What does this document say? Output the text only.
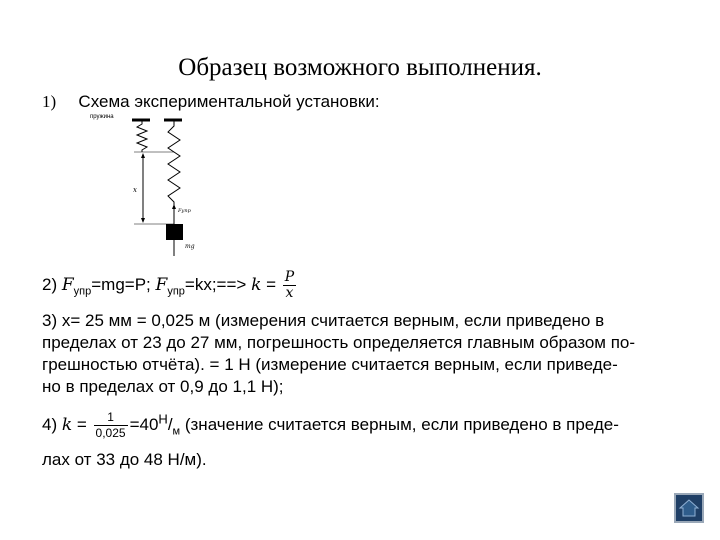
Образец возможного выполнения.
1) Схема экспериментальной установки:
пружина
x
Fупр
mg
2) $F_{упр}=mg=P$; $F_{упр}=kx;==> k = \frac{P}{x}$
3) x= 25 мм = 0,025 м (измерения считается верным, если приведено в
пределах от 23 до 27 мм, погрешность определяется главным образом по-
грешностью отчёта). = 1 Н (измерение считается верным, если приведе-
но в пределах от 0,9 до 1,1 Н);
4) $k = \frac{1}{0,025} =40^Н/_м$ (значение считается верным, если приведено в преде-
лах от 33 до 48 Н/м).
